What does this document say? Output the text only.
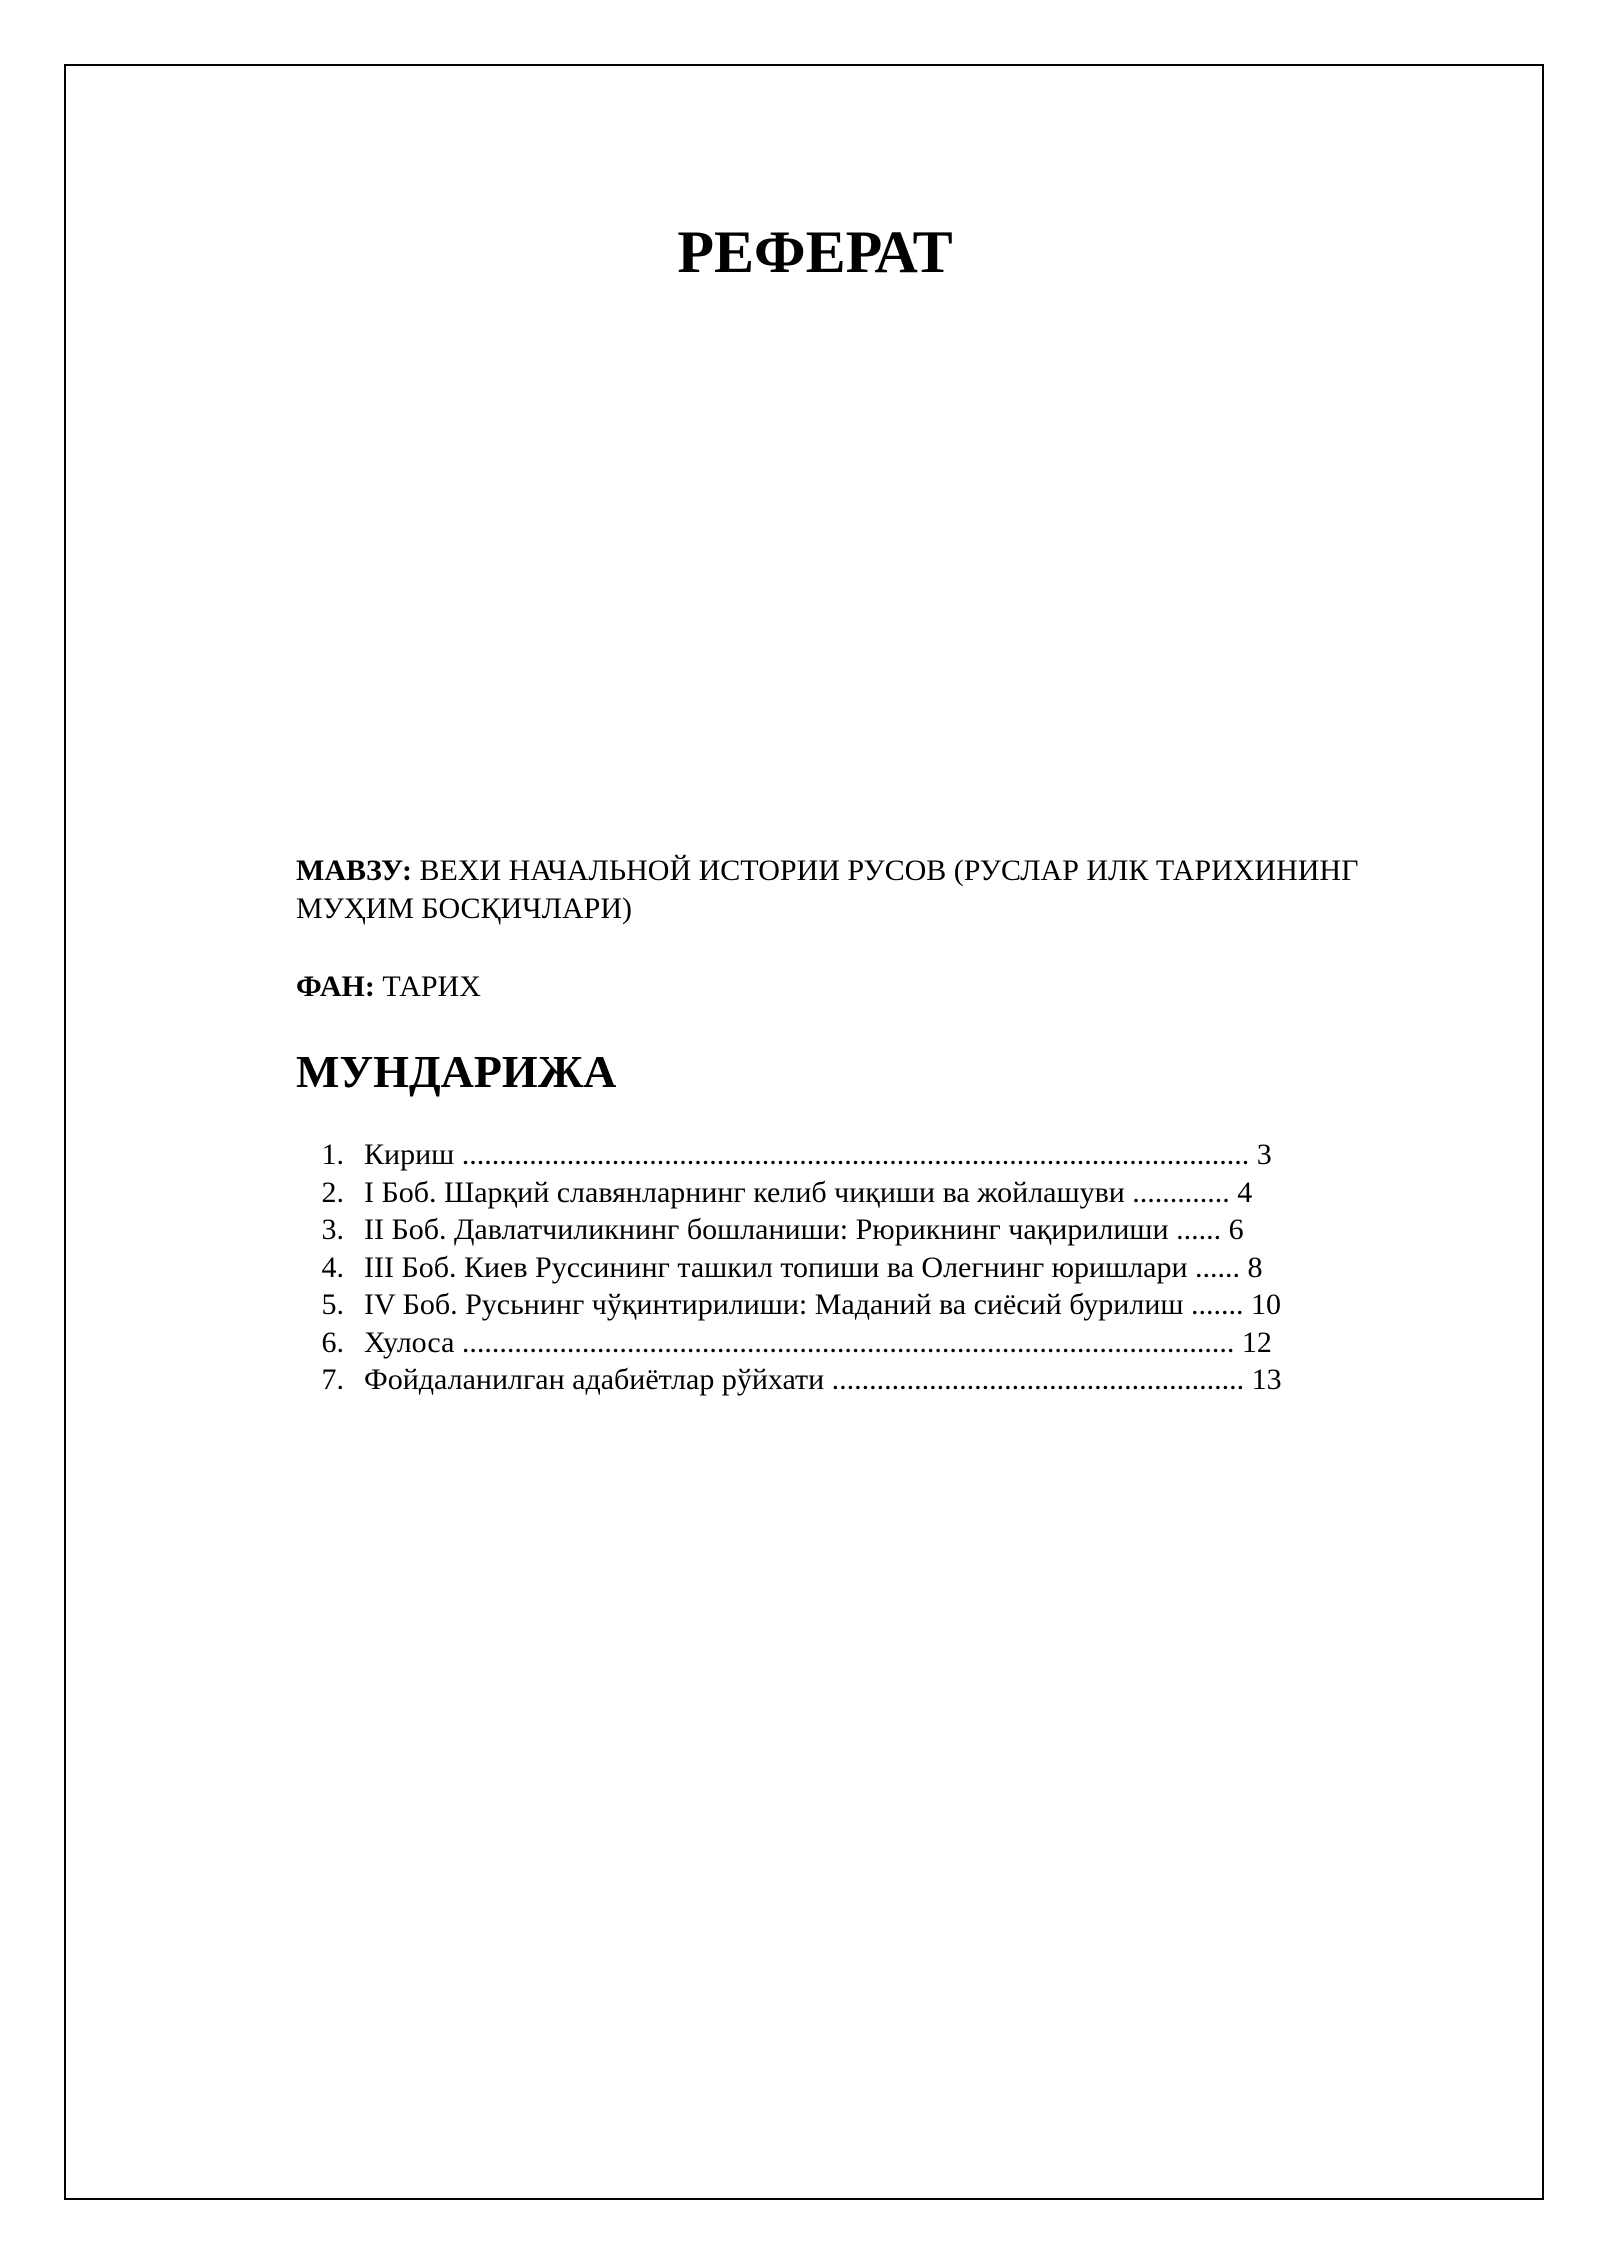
РЕФЕРАТ

МАВЗУ: ВЕХИ НАЧАЛЬНОЙ ИСТОРИИ РУСОВ (РУСЛАР ИЛК ТАРИХИНИНГ
МУҲИМ БОСҚИЧЛАРИ)

ФАН: ТАРИХ

МУНДАРИЖА
1. Кириш ......................................................................................................... 3
2. I Боб. Шарқий славянларнинг келиб чиқиши ва жойлашуви ............. 4
3. II Боб. Давлатчиликнинг бошланиши: Рюрикнинг чақирилиши ...... 6
4. III Боб. Киев Руссининг ташкил топиши ва Олегнинг юришлари ...... 8
5. IV Боб. Русьнинг чўқинтирилиши: Маданий ва сиёсий бурилиш ....... 10
6. Хулоса ....................................................................................................... 12
7. Фойдаланилган адабиётлар рўйхати ....................................................... 13
